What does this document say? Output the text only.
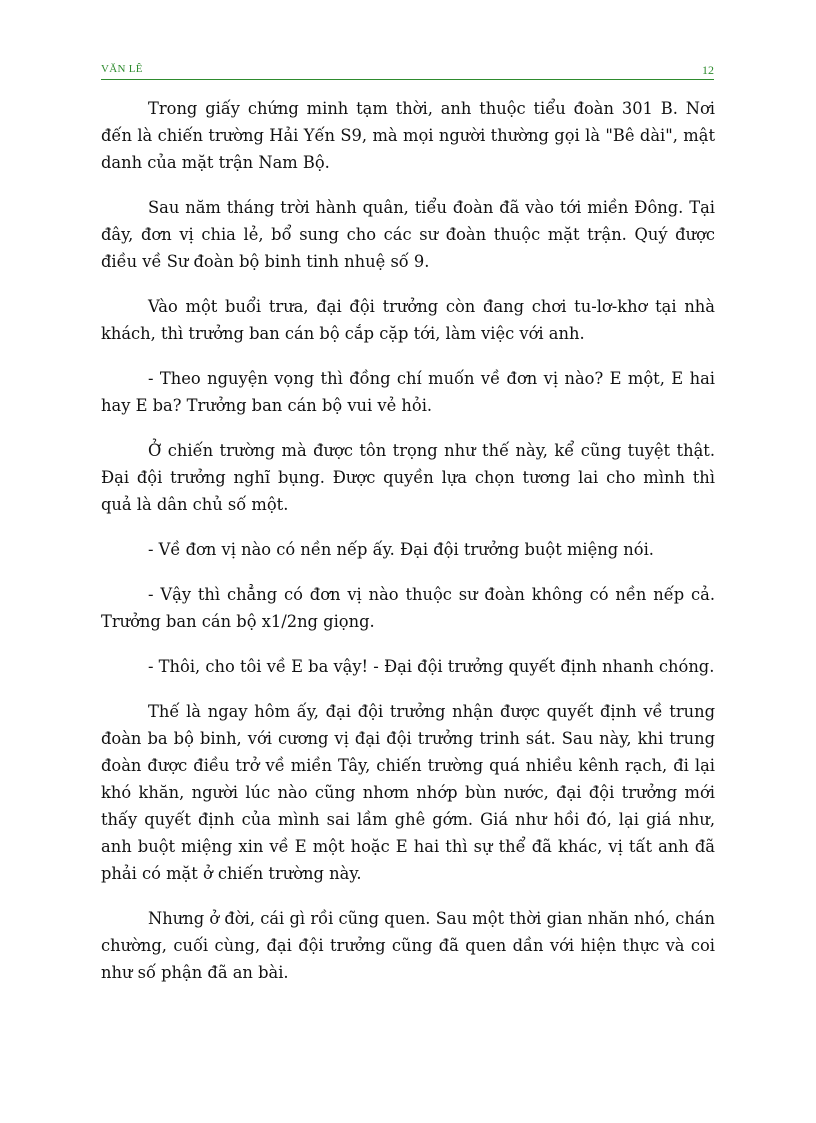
VĂN LÊ	12

Trong giấy chứng minh tạm thời, anh thuộc tiểu đoàn 301 B. Nơi đến là chiến trường Hải Yến S9, mà mọi người thường gọi là "Bê dài", mật danh của mặt trận Nam Bộ.

Sau năm tháng trời hành quân, tiểu đoàn đã vào tới miền Đông. Tại đây, đơn vị chia lẻ, bổ sung cho các sư đoàn thuộc mặt trận. Quý được điều về Sư đoàn bộ binh tinh nhuệ số 9.

Vào một buổi trưa, đại đội trưởng còn đang chơi tu-lơ-khơ tại nhà khách, thì trưởng ban cán bộ cắp cặp tới, làm việc với anh.

- Theo nguyện vọng thì đồng chí muốn về đơn vị nào? E một, E hai hay E ba? Trưởng ban cán bộ vui vẻ hỏi.

Ở chiến trường mà được tôn trọng như thế này, kể cũng tuyệt thật. Đại đội trưởng nghĩ bụng. Được quyền lựa chọn tương lai cho mình thì quả là dân chủ số một.

- Về đơn vị nào có nền nếp ấy. Đại đội trưởng buột miệng nói.

- Vậy thì chẳng có đơn vị nào thuộc sư đoàn không có nền nếp cả. Trưởng ban cán bộ x1/2ng giọng.

- Thôi, cho tôi về E ba vậy! - Đại đội trưởng quyết định nhanh chóng.

Thế là ngay hôm ấy, đại đội trưởng nhận được quyết định về trung đoàn ba bộ binh, với cương vị đại đội trưởng trinh sát. Sau này, khi trung đoàn được điều trở về miền Tây, chiến trường quá nhiều kênh rạch, đi lại khó khăn, người lúc nào cũng nhơm nhớp bùn nước, đại đội trưởng mới thấy quyết định của mình sai lầm ghê gớm. Giá như hồi đó, lại giá như, anh buột miệng xin về E một hoặc E hai thì sự thể đã khác, vị tất anh đã phải có mặt ở chiến trường này.

Nhưng ở đời, cái gì rồi cũng quen. Sau một thời gian nhăn nhó, chán chường, cuối cùng, đại đội trưởng cũng đã quen dần với hiện thực và coi như số phận đã an bài.
